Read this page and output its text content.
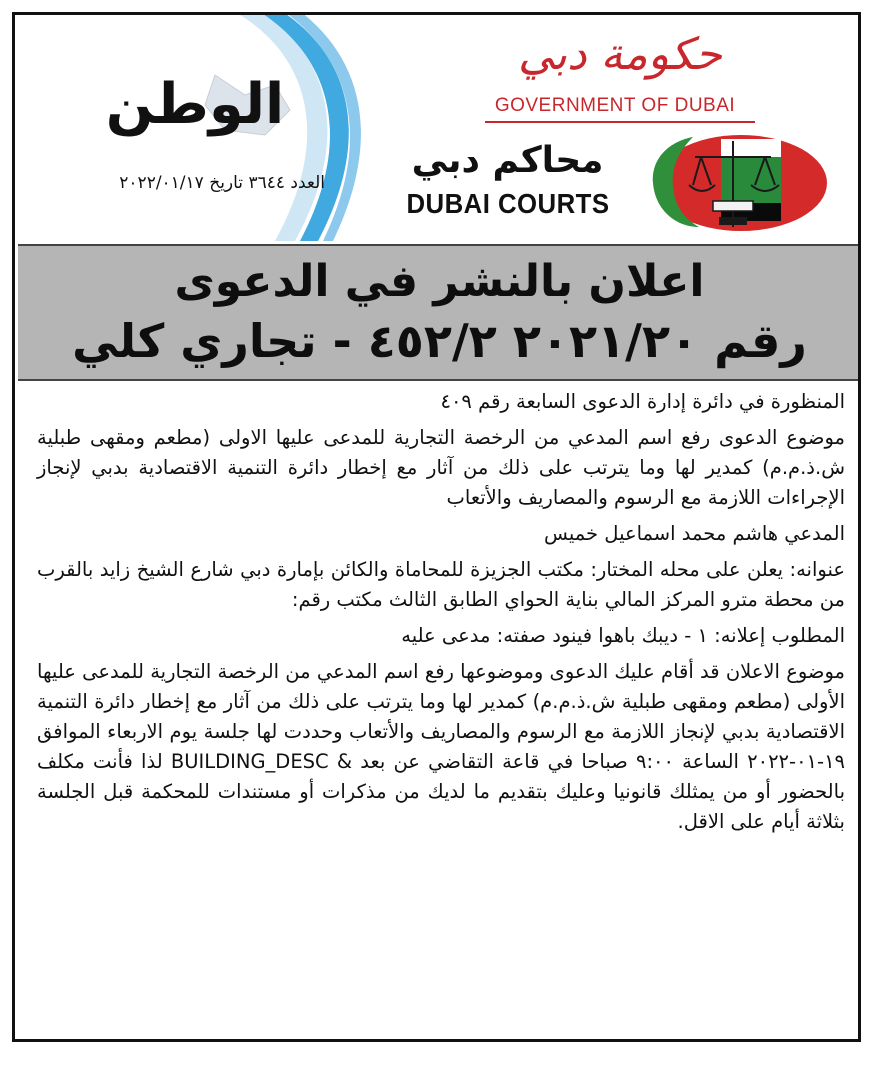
الوطن
العدد ٣٦٤٤ تاريخ ٢٠٢٢/٠١/١٧
حكومة دبي
GOVERNMENT OF DUBAI
محاكم دبي
DUBAI COURTS
اعلان بالنشر في الدعوى
رقم ٢٠٢١/٢٠ ٤٥٢/٢ - تجاري كلي

المنظورة في دائرة إدارة الدعوى السابعة رقم ٤٠٩

موضوع الدعوى رفع اسم المدعي من الرخصة التجارية للمدعى عليها الاولى (مطعم ومقهى طبلية ش.ذ.م.م) كمدير لها وما يترتب على ذلك من آثار مع إخطار دائرة التنمية الاقتصادية بدبي لإنجاز الإجراءات اللازمة مع الرسوم والمصاريف والأتعاب

المدعي هاشم محمد اسماعيل خميس

عنوانه: يعلن على محله المختار: مكتب الجزيزة للمحاماة والكائن بإمارة دبي شارع الشيخ زايد بالقرب من محطة مترو المركز المالي بناية الحواي الطابق الثالث مكتب رقم:

المطلوب إعلانه: ١ - ديبك باهوا فينود صفته: مدعى عليه

موضوع الاعلان قد أقام عليك الدعوى وموضوعها رفع اسم المدعي من الرخصة التجارية للمدعى عليها الأولى (مطعم ومقهى طبلية ش.ذ.م.م) كمدير لها وما يترتب على ذلك من آثار مع إخطار دائرة التنمية الاقتصادية بدبي لإنجاز اللازمة مع الرسوم والمصاريف والأتعاب وحددت لها جلسة يوم الاربعاء الموافق ١٩-٠١-٢٠٢٢ الساعة ٩:٠٠ صباحا في قاعة التقاضي عن بعد & BUILDING_DESC لذا فأنت مكلف بالحضور أو من يمثلك قانونيا وعليك بتقديم ما لديك من مذكرات أو مستندات للمحكمة قبل الجلسة بثلاثة أيام على الاقل.
